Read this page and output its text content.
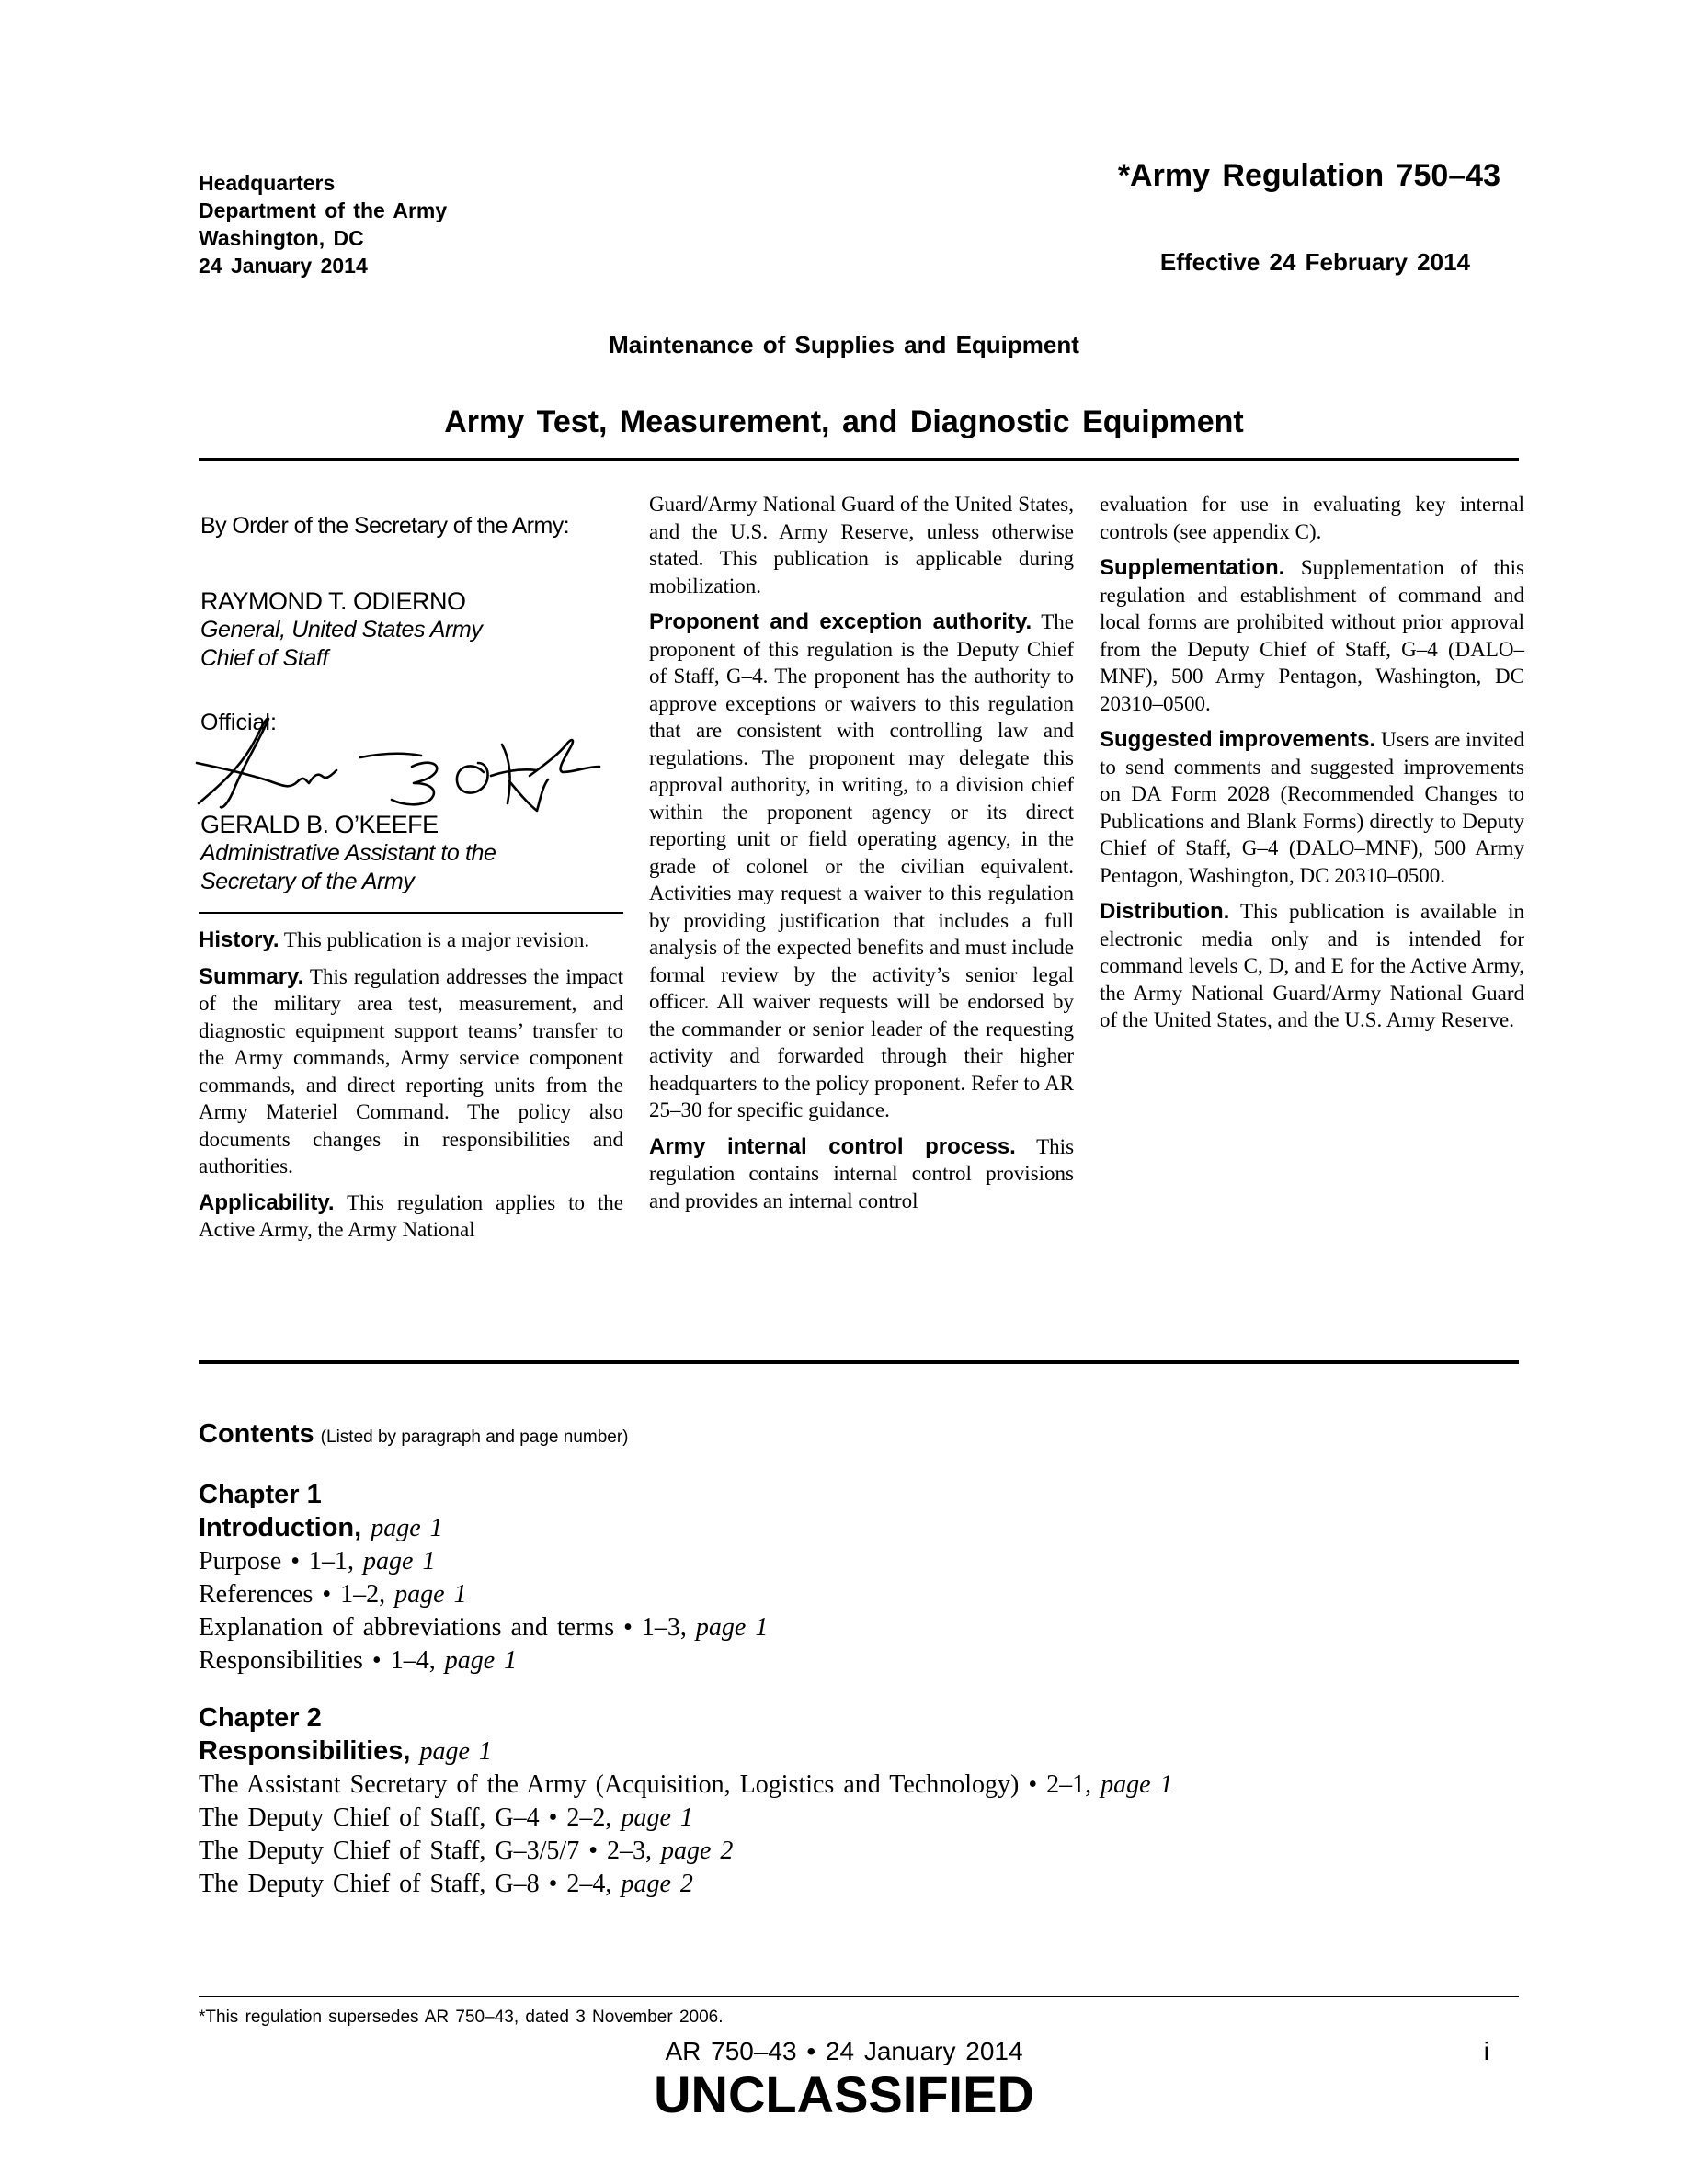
Headquarters
Department of the Army
Washington, DC
24 January 2014
*Army Regulation 750–43
Effective 24 February 2014
Maintenance of Supplies and Equipment
Army Test, Measurement, and Diagnostic Equipment
By Order of the Secretary of the Army:
RAYMOND T. ODIERNO
General, United States Army
Chief of Staff
Official:
GERALD B. O’KEEFE
Administrative Assistant to the
Secretary of the Army

History. This publication is a major revision.

Summary. This regulation addresses the impact of the military area test, measurement, and diagnostic equipment support teams’ transfer to the Army commands, Army service component commands, and direct reporting units from the Army Materiel Command. The policy also documents changes in responsibilities and authorities.

Applicability. This regulation applies to the Active Army, the Army National

Guard/Army National Guard of the United States, and the U.S. Army Reserve, unless otherwise stated. This publication is applicable during mobilization.

Proponent and exception authority. The proponent of this regulation is the Deputy Chief of Staff, G–4. The proponent has the authority to approve exceptions or waivers to this regulation that are consistent with controlling law and regulations. The proponent may delegate this approval authority, in writing, to a division chief within the proponent agency or its direct reporting unit or field operating agency, in the grade of colonel or the civilian equivalent. Activities may request a waiver to this regulation by providing justification that includes a full analysis of the expected benefits and must include formal review by the activity’s senior legal officer. All waiver requests will be endorsed by the commander or senior leader of the requesting activity and forwarded through their higher headquarters to the policy proponent. Refer to AR 25–30 for specific guidance.

Army internal control process. This regulation contains internal control provisions and provides an internal control

evaluation for use in evaluating key internal controls (see appendix C).

Supplementation. Supplementation of this regulation and establishment of command and local forms are prohibited without prior approval from the Deputy Chief of Staff, G–4 (DALO–MNF), 500 Army Pentagon, Washington, DC 20310–0500.

Suggested improvements. Users are invited to send comments and suggested improvements on DA Form 2028 (Recommended Changes to Publications and Blank Forms) directly to Deputy Chief of Staff, G–4 (DALO–MNF), 500 Army Pentagon, Washington, DC 20310–0500.

Distribution. This publication is available in electronic media only and is intended for command levels C, D, and E for the Active Army, the Army National Guard/Army National Guard of the United States, and the U.S. Army Reserve.

Contents (Listed by paragraph and page number)
Chapter 1
Introduction, page 1
Purpose • 1–1, page 1
References • 1–2, page 1
Explanation of abbreviations and terms • 1–3, page 1
Responsibilities • 1–4, page 1
Chapter 2
Responsibilities, page 1
The Assistant Secretary of the Army (Acquisition, Logistics and Technology) • 2–1, page 1
The Deputy Chief of Staff, G–4 • 2–2, page 1
The Deputy Chief of Staff, G–3/5/7 • 2–3, page 2
The Deputy Chief of Staff, G–8 • 2–4, page 2
*This regulation supersedes AR 750–43, dated 3 November 2006.
AR 750–43 • 24 January 2014	i
UNCLASSIFIED
